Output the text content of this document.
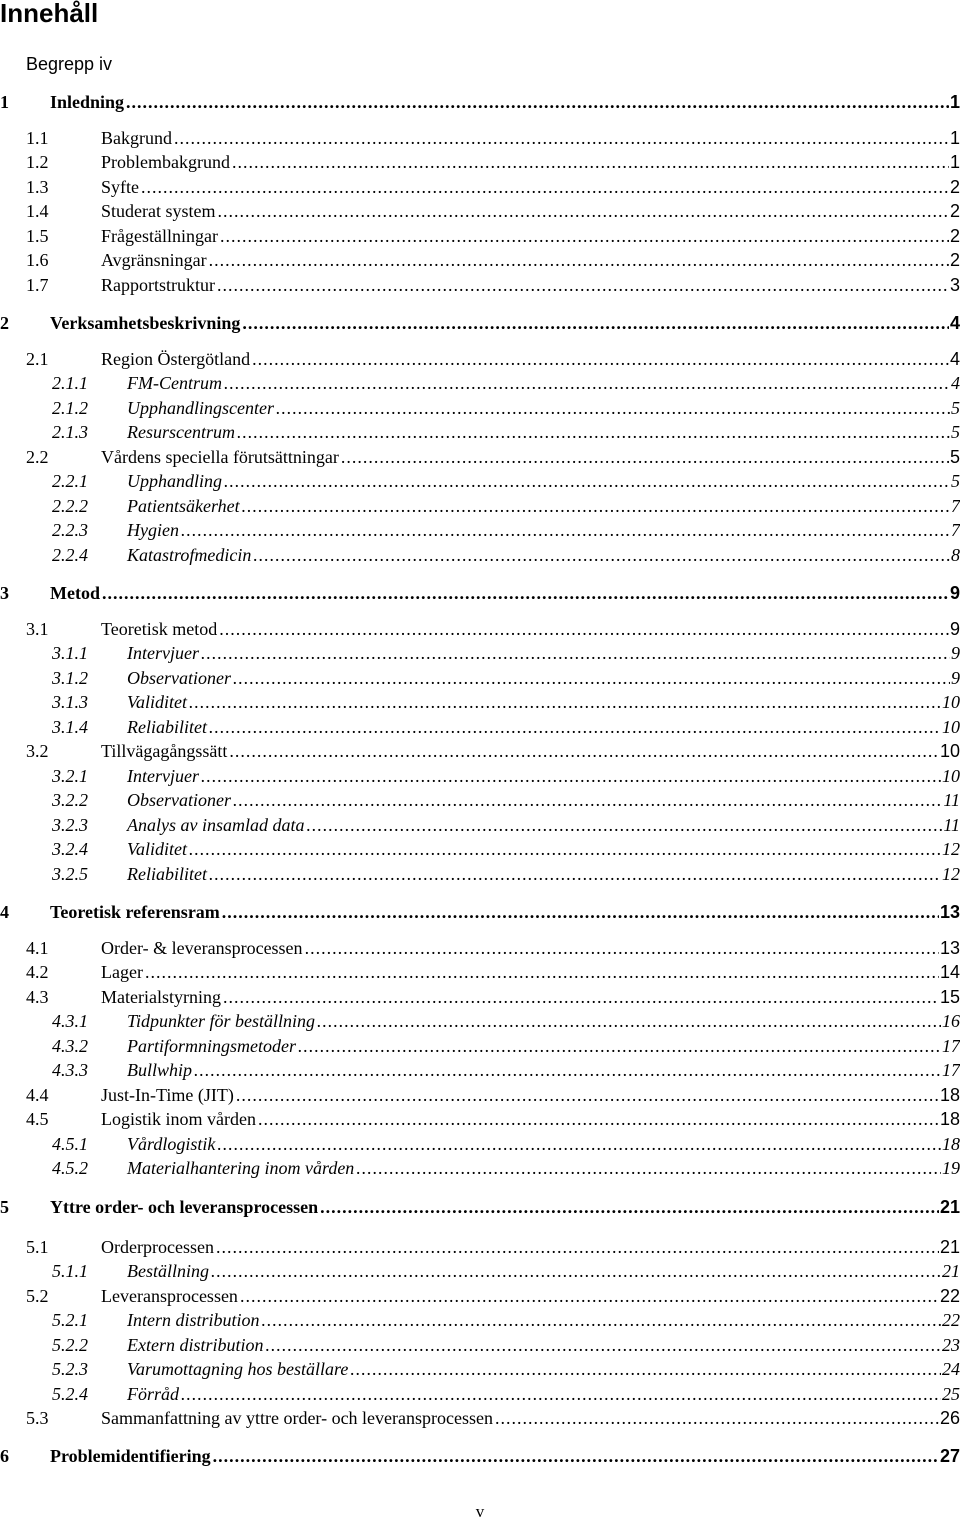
Innehåll
Begrepp iv
1	Inledning .....	1
1.1	Bakgrund .....	1
1.2	Problembakgrund .....	1
1.3	Syfte .....	2
1.4	Studerat system .....	2
1.5	Frågeställningar .....	2
1.6	Avgränsningar .....	2
1.7	Rapportstruktur .....	3
2	Verksamhetsbeskrivning .....	4
2.1	Region Östergötland .....	4
2.1.1	FM-Centrum .....	4
2.1.2	Upphandlingscenter .....	5
2.1.3	Resurscentrum .....	5
2.2	Vårdens speciella förutsättningar .....	5
2.2.1	Upphandling .....	5
2.2.2	Patientsäkerhet .....	7
2.2.3	Hygien .....	7
2.2.4	Katastrofmedicin .....	8
3	Metod .....	9
3.1	Teoretisk metod .....	9
3.1.1	Intervjuer .....	9
3.1.2	Observationer .....	9
3.1.3	Validitet .....	10
3.1.4	Reliabilitet .....	10
3.2	Tillvägagångssätt .....	10
3.2.1	Intervjuer .....	10
3.2.2	Observationer .....	11
3.2.3	Analys av insamlad data .....	11
3.2.4	Validitet .....	12
3.2.5	Reliabilitet .....	12
4	Teoretisk referensram .....	13
4.1	Order- & leveransprocessen .....	13
4.2	Lager .....	14
4.3	Materialstyrning .....	15
4.3.1	Tidpunkter för beställning .....	16
4.3.2	Partiformningsmetoder .....	17
4.3.3	Bullwhip .....	17
4.4	Just-In-Time (JIT) .....	18
4.5	Logistik inom vården .....	18
4.5.1	Vårdlogistik .....	18
4.5.2	Materialhantering inom vården .....	19
5	Yttre order- och leveransprocessen .....	21
5.1	Orderprocessen .....	21
5.1.1	Beställning .....	21
5.2	Leveransprocessen .....	22
5.2.1	Intern distribution .....	22
5.2.2	Extern distribution .....	23
5.2.3	Varumottagning hos beställare .....	24
5.2.4	Förråd .....	25
5.3	Sammanfattning av yttre order- och leveransprocessen .....	26
6	Problemidentifiering .....	27
v
